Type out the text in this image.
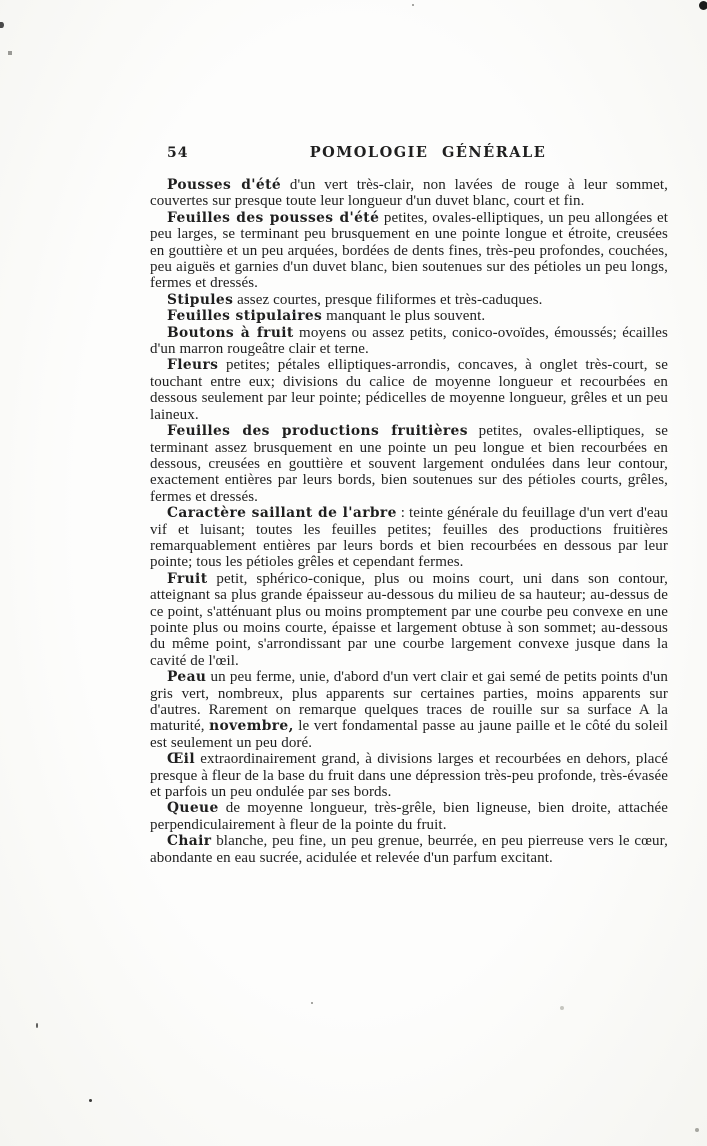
54	POMOLOGIE GÉNÉRALE

Pousses d'été d'un vert très-clair, non lavées de rouge à leur sommet, couvertes sur presque toute leur longueur d'un duvet blanc, court et fin.

Feuilles des pousses d'été petites, ovales-elliptiques, un peu allongées et peu larges, se terminant peu brusquement en une pointe longue et étroite, creusées en gouttière et un peu arquées, bordées de dents fines, très-peu profondes, couchées, peu aiguës et garnies d'un duvet blanc, bien soutenues sur des pétioles un peu longs, fermes et dressés.

Stipules assez courtes, presque filiformes et très-caduques.

Feuilles stipulaires manquant le plus souvent.

Boutons à fruit moyens ou assez petits, conico-ovoïdes, émoussés; écailles d'un marron rougeâtre clair et terne.

Fleurs petites; pétales elliptiques-arrondis, concaves, à onglet très-court, se touchant entre eux; divisions du calice de moyenne longueur et recourbées en dessous seulement par leur pointe; pédicelles de moyenne longueur, grêles et un peu laineux.

Feuilles des productions fruitières petites, ovales-elliptiques, se terminant assez brusquement en une pointe un peu longue et bien recourbées en dessous, creusées en gouttière et souvent largement ondulées dans leur contour, exactement entières par leurs bords, bien soutenues sur des pétioles courts, grêles, fermes et dressés.

Caractère saillant de l'arbre : teinte générale du feuillage d'un vert d'eau vif et luisant; toutes les feuilles petites; feuilles des productions fruitières remarquablement entières par leurs bords et bien recourbées en dessous par leur pointe; tous les pétioles grêles et cependant fermes.

Fruit petit, sphérico-conique, plus ou moins court, uni dans son contour, atteignant sa plus grande épaisseur au-dessous du milieu de sa hauteur; au-dessus de ce point, s'atténuant plus ou moins promptement par une courbe peu convexe en une pointe plus ou moins courte, épaisse et largement obtuse à son sommet; au-dessous du même point, s'arrondissant par une courbe largement convexe jusque dans la cavité de l'œil.

Peau un peu ferme, unie, d'abord d'un vert clair et gai semé de petits points d'un gris vert, nombreux, plus apparents sur certaines parties, moins apparents sur d'autres. Rarement on remarque quelques traces de rouille sur sa surface A la maturité, novembre, le vert fondamental passe au jaune paille et le côté du soleil est seulement un peu doré.

Œil extraordinairement grand, à divisions larges et recourbées en dehors, placé presque à fleur de la base du fruit dans une dépression très-peu profonde, très-évasée et parfois un peu ondulée par ses bords.

Queue de moyenne longueur, très-grêle, bien ligneuse, bien droite, attachée perpendiculairement à fleur de la pointe du fruit.

Chair blanche, peu fine, un peu grenue, beurrée, en peu pierreuse vers le cœur, abondante en eau sucrée, acidulée et relevée d'un parfum excitant.
